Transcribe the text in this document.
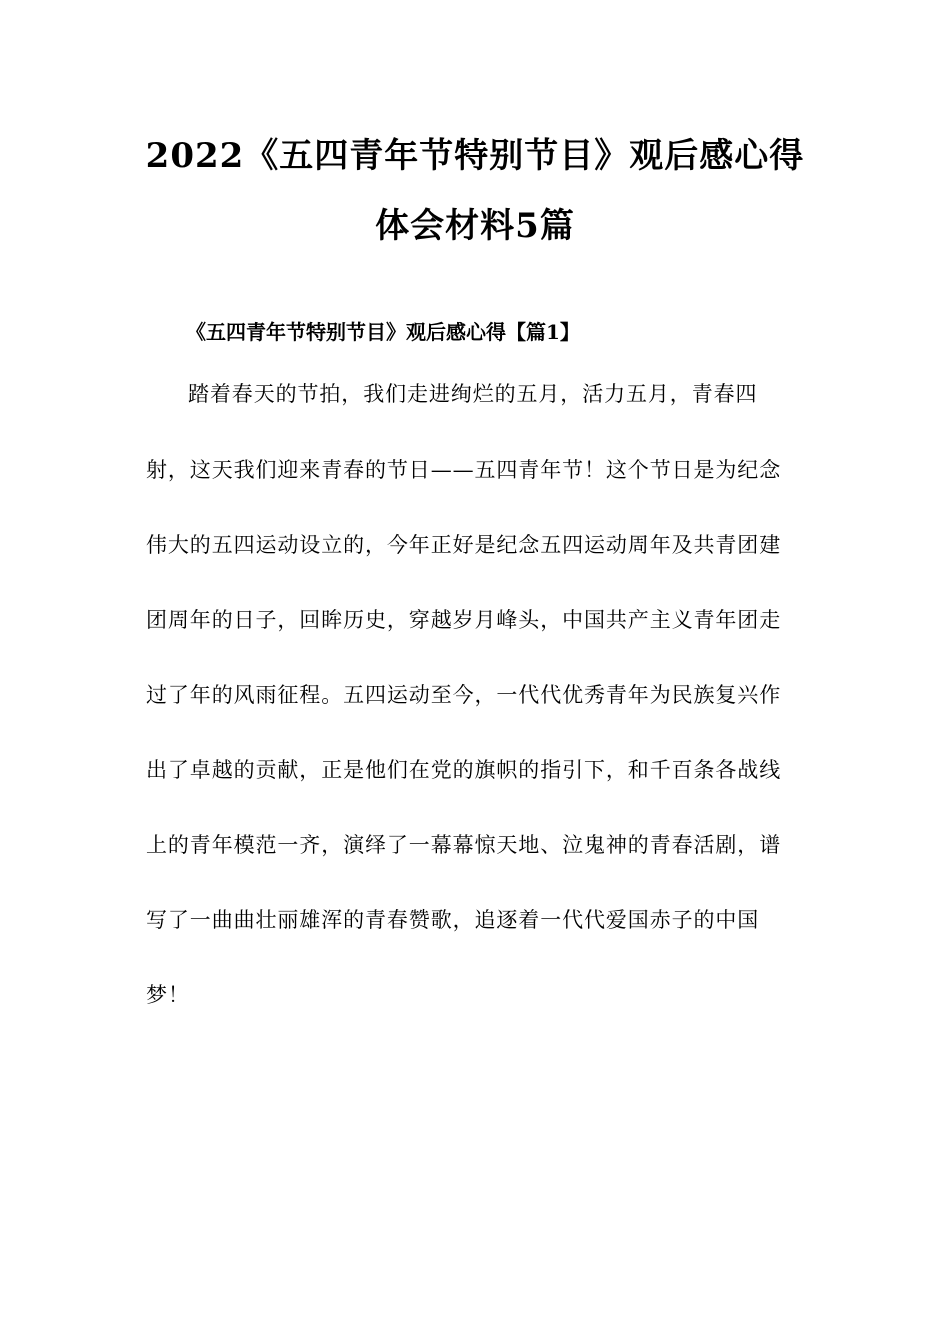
2022《五四青年节特别节目》观后感心得
体会材料5篇
《五四青年节特别节目》观后感心得【篇1】
踏着春天的节拍，我们走进绚烂的五月，活力五月，青春四
射，这天我们迎来青春的节日——五四青年节！这个节日是为纪念
伟大的五四运动设立的，今年正好是纪念五四运动周年及共青团建
团周年的日子，回眸历史，穿越岁月峰头，中国共产主义青年团走
过了年的风雨征程。五四运动至今，一代代优秀青年为民族复兴作
出了卓越的贡献，正是他们在党的旗帜的指引下，和千百条各战线
上的青年模范一齐，演绎了一幕幕惊天地、泣鬼神的青春活剧，谱
写了一曲曲壮丽雄浑的青春赞歌，追逐着一代代爱国赤子的中国
梦！
